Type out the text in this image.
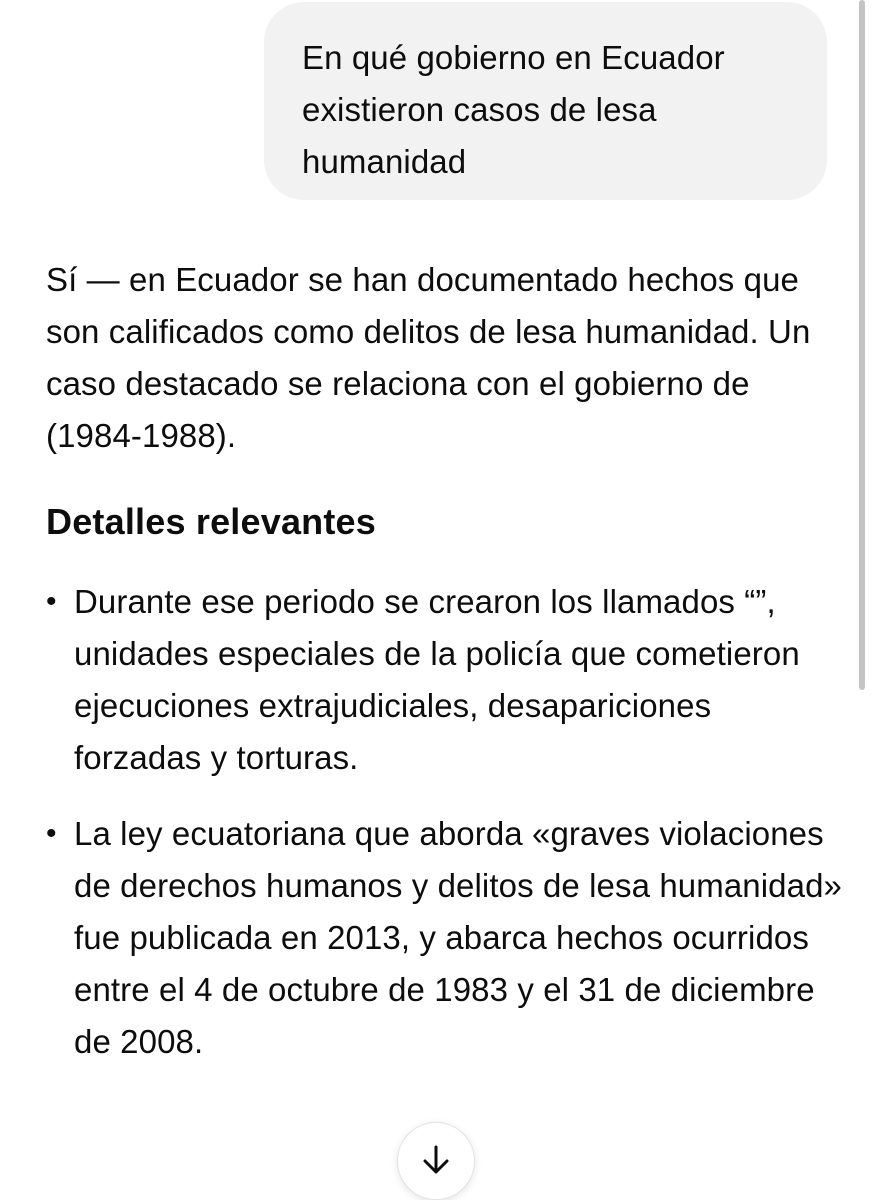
En qué gobierno en Ecuador existieron casos de lesa humanidad

Sí — en Ecuador se han documentado hechos que son calificados como delitos de lesa humanidad. Un caso destacado se relaciona con el gobierno de (1984-1988).

Detalles relevantes
• Durante ese periodo se crearon los llamados “”, unidades especiales de la policía que cometieron ejecuciones extrajudiciales, desapariciones forzadas y torturas.
• La ley ecuatoriana que aborda «graves violaciones de derechos humanos y delitos de lesa humanidad» fue publicada en 2013, y abarca hechos ocurridos entre el 4 de octubre de 1983 y el 31 de diciembre de 2008.
